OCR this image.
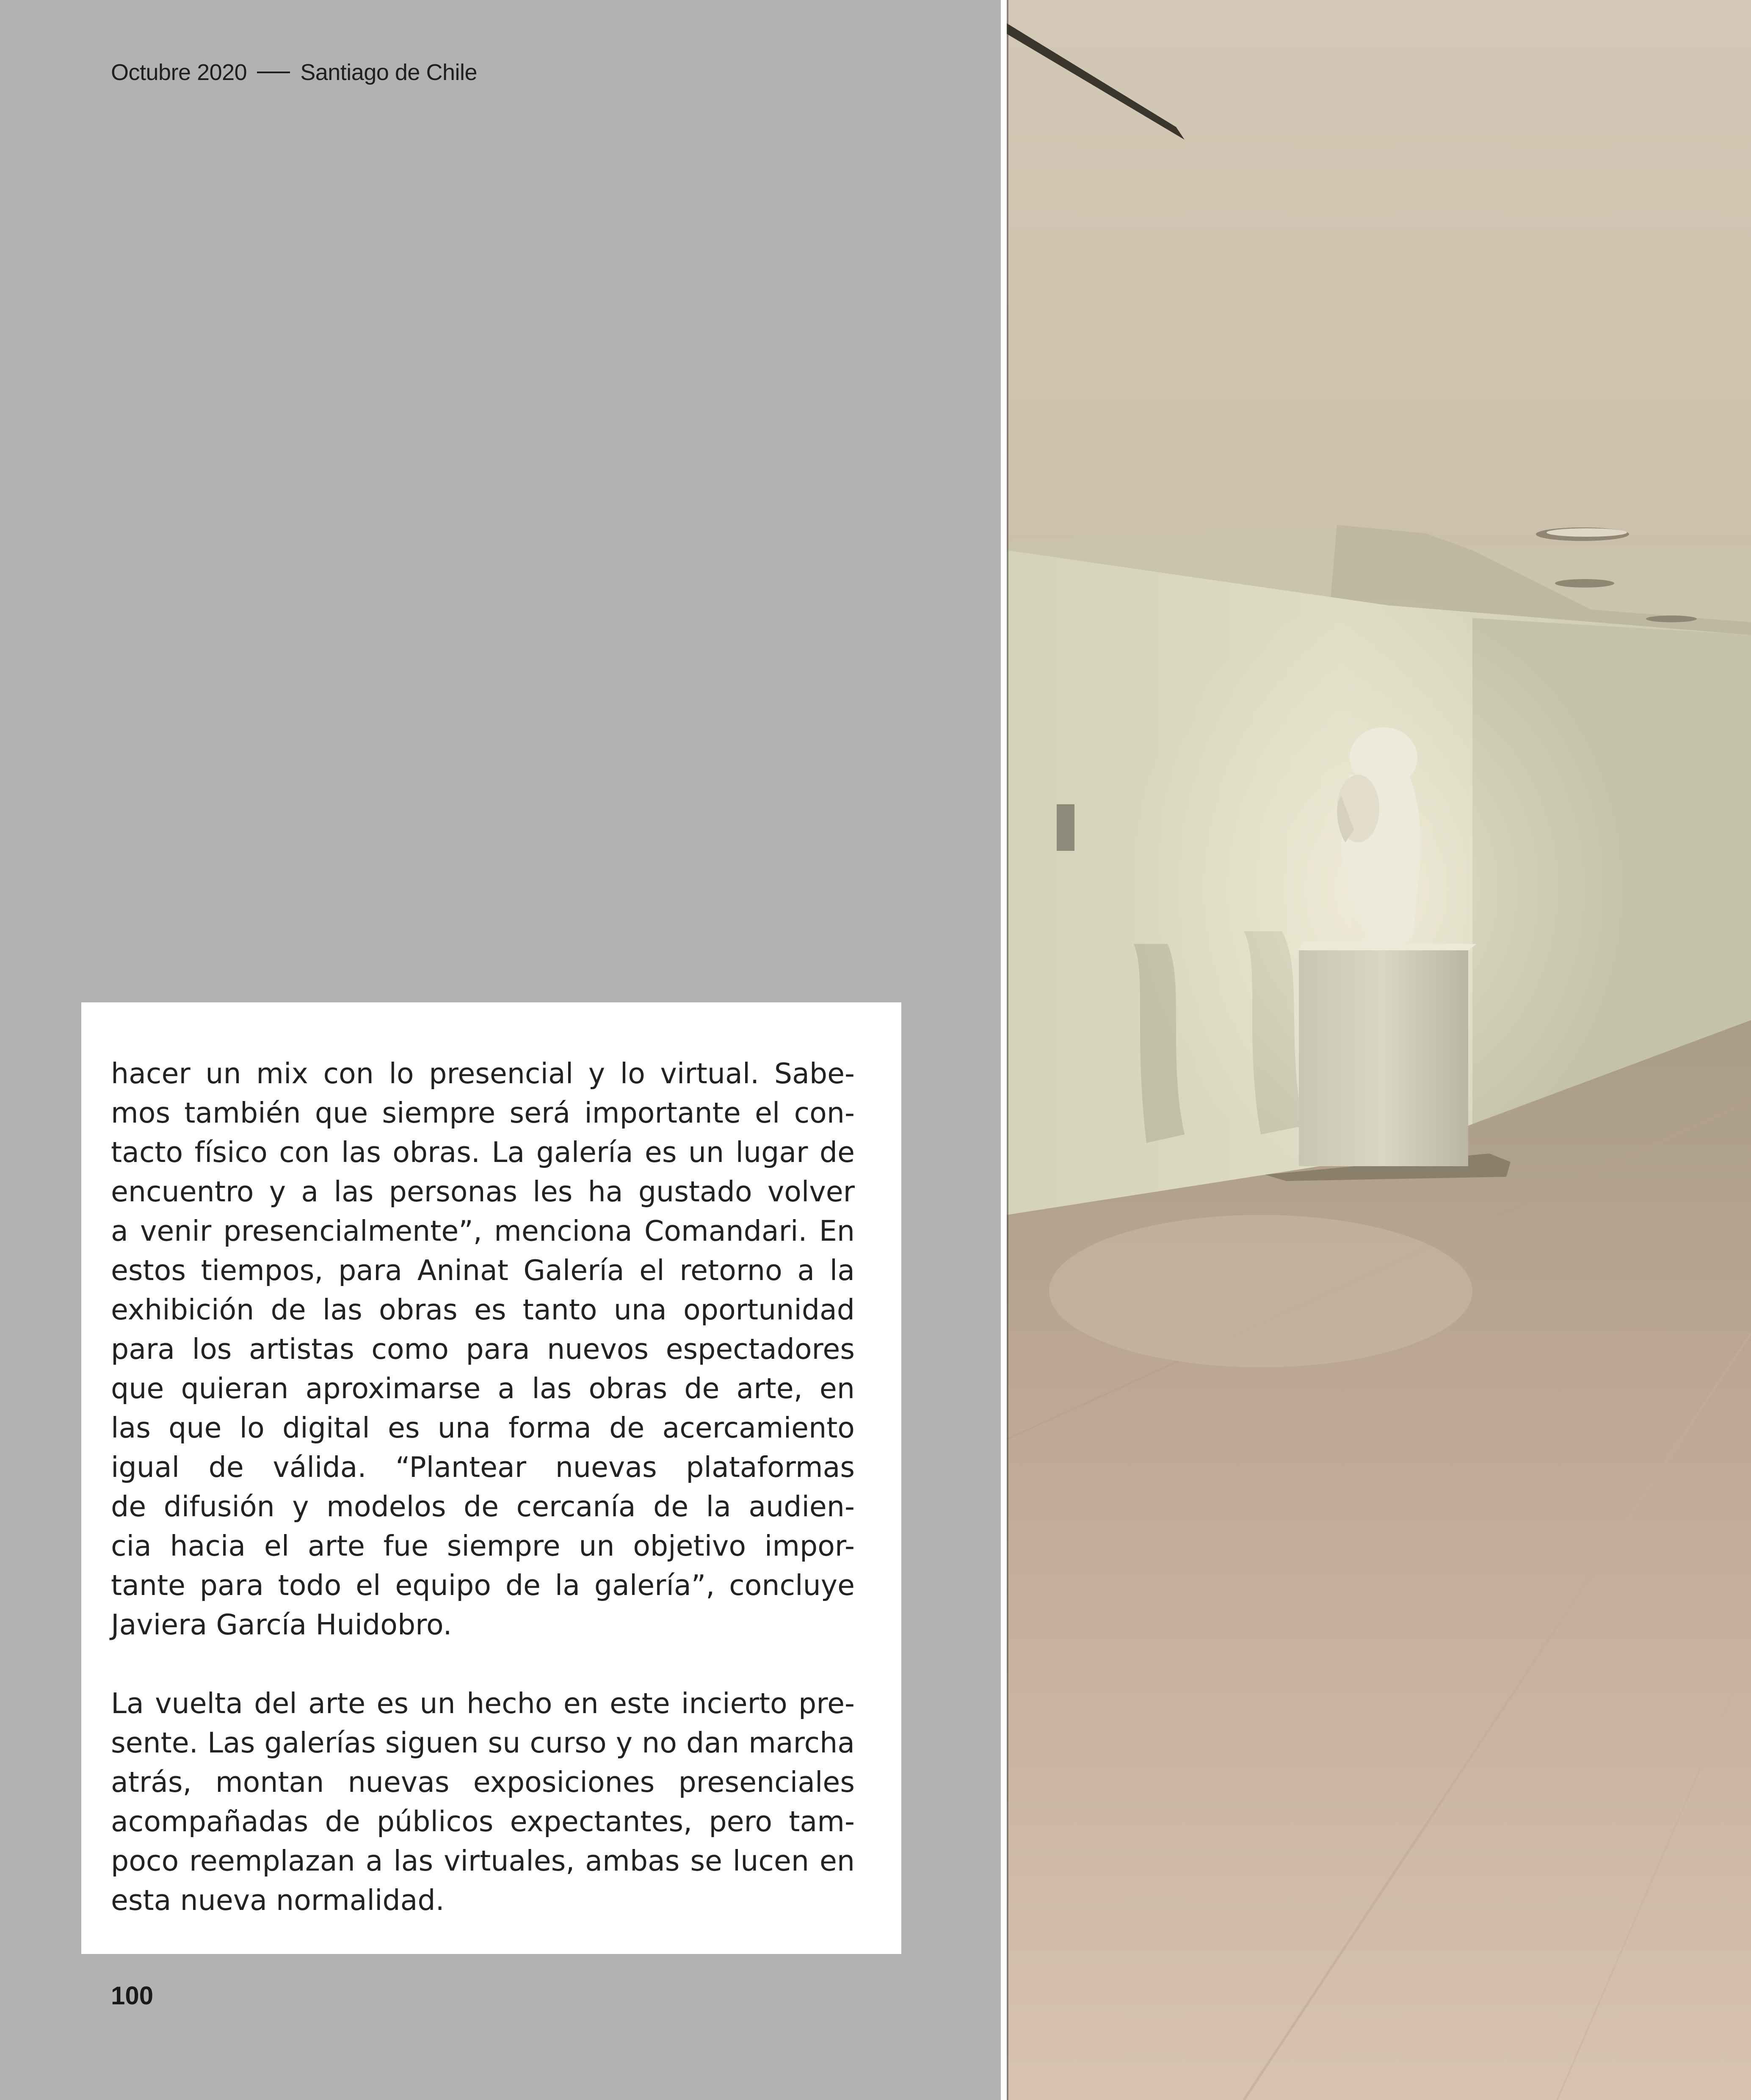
Octubre 2020 Santiago de Chile
hacer un mix con lo presencial y lo virtual. Sabe-
mos también que siempre será importante el con-
tacto físico con las obras. La galería es un lugar de
encuentro y a las personas les ha gustado volver
a venir presencialmente”, menciona Comandari. En
estos tiempos, para Aninat Galería el retorno a la
exhibición de las obras es tanto una oportunidad
para los artistas como para nuevos espectadores
que quieran aproximarse a las obras de arte, en
las que lo digital es una forma de acercamiento
igual de válida. “Plantear nuevas plataformas
de difusión y modelos de cercanía de la audien-
cia hacia el arte fue siempre un objetivo impor-
tante para todo el equipo de la galería”, concluye
Javiera García Huidobro.
La vuelta del arte es un hecho en este incierto pre-
sente. Las galerías siguen su curso y no dan marcha
atrás, montan nuevas exposiciones presenciales
acompañadas de públicos expectantes, pero tam-
poco reemplazan a las virtuales, ambas se lucen en
esta nueva normalidad.
100
